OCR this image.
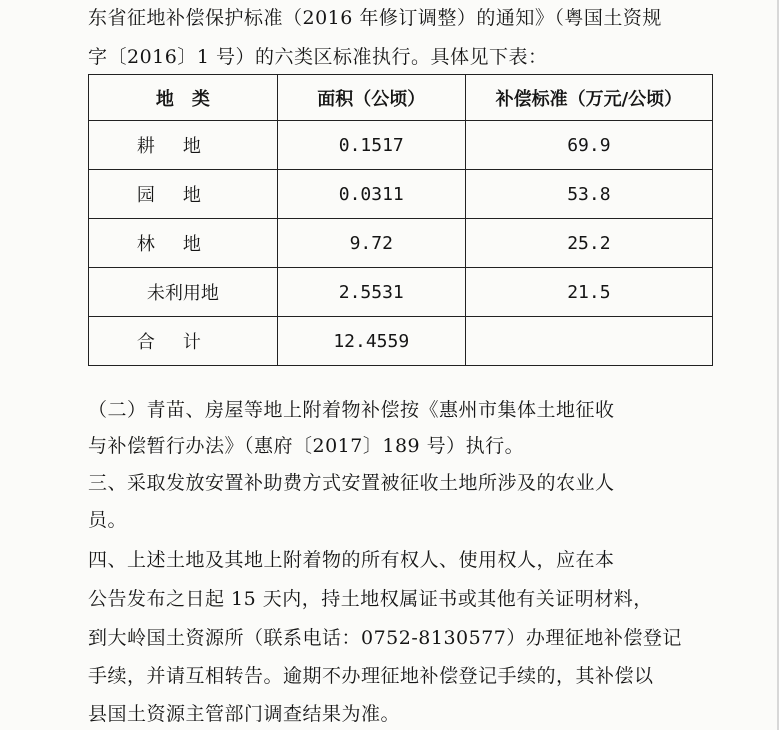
东省征地补偿保护标准（2016 年修订调整）的通知》（粤国土资规
字〔2016〕1 号）的六类区标准执行。具体见下表：
地　类	面积（公顷）	补偿标准（万元/公顷）
耕地	0.1517	69.9
园地	0.0311	53.8
林地	9.72	25.2
未利用地	2.5531	21.5
合计	12.4559	
（二）青苗、房屋等地上附着物补偿按《惠州市集体土地征收
与补偿暂行办法》（惠府〔2017〕189 号）执行。
三、采取发放安置补助费方式安置被征收土地所涉及的农业人
员。
四、上述土地及其地上附着物的所有权人、使用权人，应在本
公告发布之日起 15 天内，持土地权属证书或其他有关证明材料，
到大岭国土资源所（联系电话：0752-8130577）办理征地补偿登记
手续，并请互相转告。逾期不办理征地补偿登记手续的，其补偿以
县国土资源主管部门调查结果为准。
